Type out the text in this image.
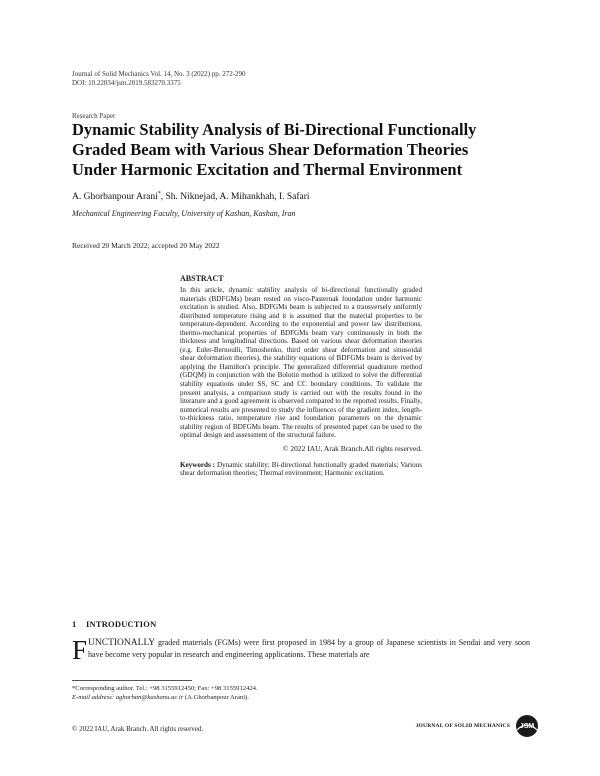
Journal of Solid Mechanics Vol. 14, No. 3 (2022) pp. 272-290
DOI: 10.22034/jsm.2019.583270.3375
Research Paper
Dynamic Stability Analysis of Bi-Directional Functionally
Graded Beam with Various Shear Deformation Theories
Under Harmonic Excitation and Thermal Environment
A. Ghorbanpour Arani*, Sh. Niknejad, A. Mihankhah, I. Safari
Mechanical Engineering Faculty, University of Kashan, Kashan, Iran
Received 20 March 2022; accepted 20 May 2022
ABSTRACT

In this article, dynamic stability analysis of bi-directional functionally graded materials (BDFGMs) beam rested on visco-Pasternak foundation under harmonic excitation is studied. Also, BDFGMs beam is subjected to a transversely uniformly distributed temperature rising and it is assumed that the material properties to be temperature-dependent. According to the exponential and power law distributions, thermo-mechanical properties of BDFGMs beam vary continuously in both the thickness and longitudinal directions. Based on various shear deformation theories (e.g. Euler-Bernoulli, Timoshenko, third order shear deformation and sinusoidal shear deformation theories), the stability equations of BDFGMs beam is derived by applying the Hamilton's principle. The generalized differential quadrature method (GDQM) in conjunction with the Bolotin method is utilized to solve the differential stability equations under SS, SC and CC boundary conditions. To validate the present analysis, a comparison study is carried out with the results found in the literature and a good agreement is observed compared to the reported results. Finally, numerical results are presented to study the influences of the gradient index, length-to-thickness ratio, temperature rise and foundation parameters on the dynamic stability region of BDFGMs beam. The results of presented paper can be used to the optimal design and assessment of the structural failure.

© 2022 IAU, Arak Branch.All rights reserved.
Keywords : Dynamic stability; Bi-directional functionally graded materials; Various shear deformation theories; Thermal environment; Harmonic excitation.
1 INTRODUCTION
FUNCTIONALLY graded materials (FGMs) were first proposed in 1984 by a group of Japanese scientists in Sendai and very soon have become very popular in research and engineering applications. These materials are
*Corresponding author. Tel.: +98 3155912450; Fax: +98 3155912424.
E-mail address: aghorban@kashanu.ac.ir (A.Ghorbanpour Arani).
© 2022 IAU, Arak Branch. All rights reserved.	JOURNAL OF SOLID MECHANICS JSM
